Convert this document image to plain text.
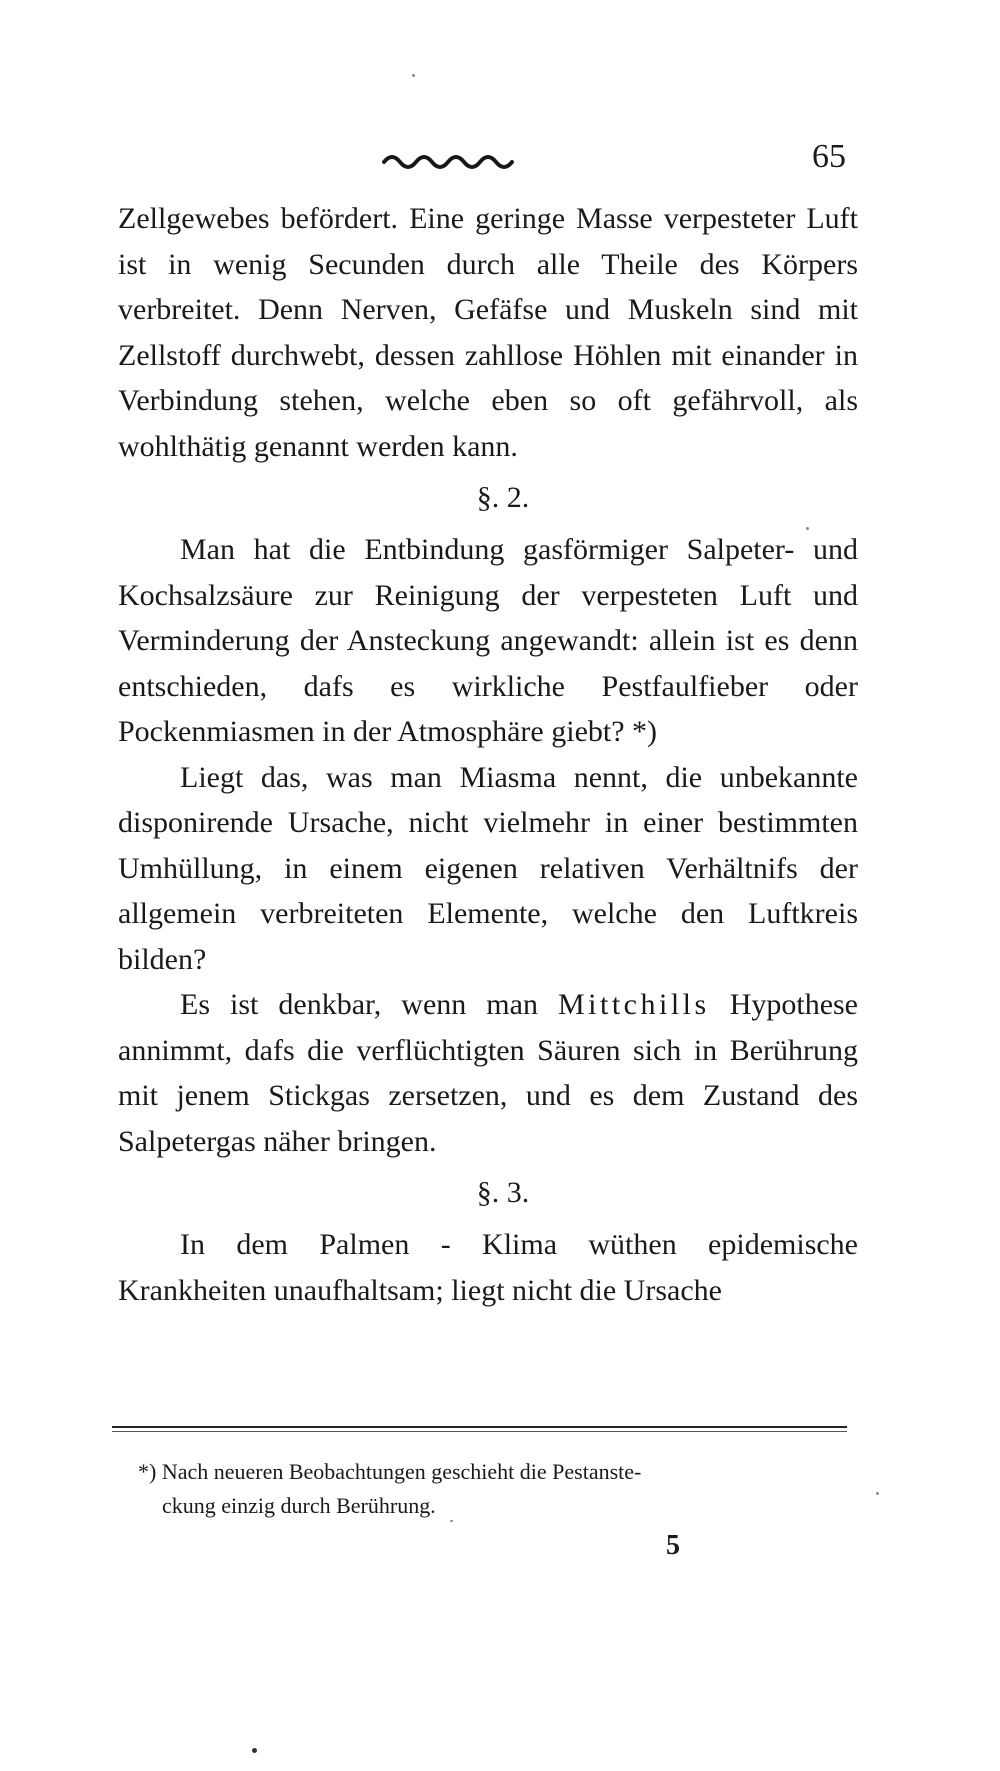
65

Zellgewebes befördert. Eine geringe Masse verpesteter Luft ist in wenig Secunden durch alle Theile des Körpers verbreitet. Denn Nerven, Gefäfse und Muskeln sind mit Zellstoff durchwebt, dessen zahllose Höhlen mit einander in Verbindung stehen, welche eben so oft gefährvoll, als wohlthätig genannt werden kann.

§. 2.

Man hat die Entbindung gasförmiger Salpeter- und Kochsalzsäure zur Reinigung der verpesteten Luft und Verminderung der Ansteckung angewandt: allein ist es denn entschieden, dafs es wirkliche Pestfaulfieber oder Pockenmiasmen in der Atmosphäre giebt? *)

Liegt das, was man Miasma nennt, die unbekannte disponirende Ursache, nicht vielmehr in einer bestimmten Umhüllung, in einem eigenen relativen Verhältnifs der allgemein verbreiteten Elemente, welche den Luftkreis bilden?

Es ist denkbar, wenn man Mittchills Hypothese annimmt, dafs die verflüchtigten Säuren sich in Berührung mit jenem Stickgas zersetzen, und es dem Zustand des Salpetergas näher bringen.

§. 3.

In dem Palmen - Klima wüthen epidemische Krankheiten unaufhaltsam; liegt nicht die Ursache

*) Nach neueren Beobachtungen geschieht die Pestanste-
ckung einzig durch Berührung.
5
